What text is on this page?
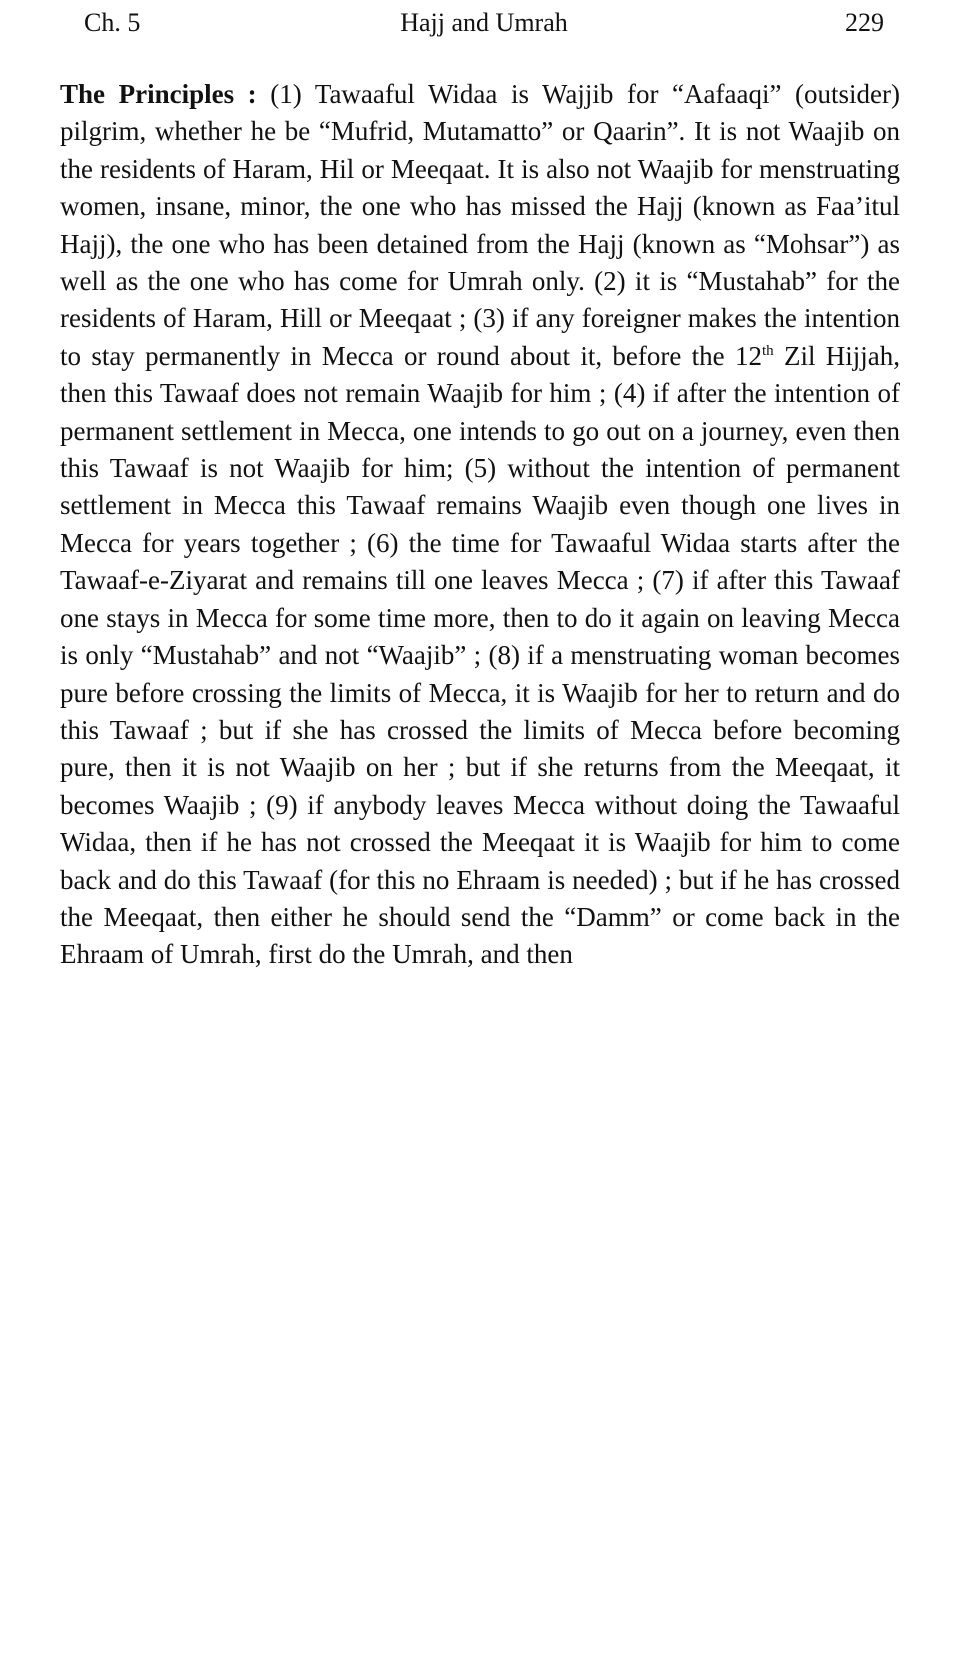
Ch. 5	Hajj and Umrah	229

The Principles : (1) Tawaaful Widaa is Wajjib for “Aafaaqi” (outsider) pilgrim, whether he be “Mufrid, Mutamatto” or Qaarin”. It is not Waajib on the residents of Haram, Hil or Meeqaat. It is also not Waajib for menstruating women, insane, minor, the one who has missed the Hajj (known as Faa’itul Hajj), the one who has been detained from the Hajj (known as “Mohsar”) as well as the one who has come for Umrah only. (2) it is “Mustahab” for the residents of Haram, Hill or Meeqaat ; (3) if any foreigner makes the intention to stay permanently in Mecca or round about it, before the 12th Zil Hijjah, then this Tawaaf does not remain Waajib for him ; (4) if after the intention of permanent settlement in Mecca, one intends to go out on a journey, even then this Tawaaf is not Waajib for him; (5) without the intention of permanent settlement in Mecca this Tawaaf remains Waajib even though one lives in Mecca for years together ; (6) the time for Tawaaful Widaa starts after the Tawaaf-e-Ziyarat and remains till one leaves Mecca ; (7) if after this Tawaaf one stays in Mecca for some time more, then to do it again on leaving Mecca is only “Mustahab” and not “Waajib” ; (8) if a menstruating woman becomes pure before crossing the limits of Mecca, it is Waajib for her to return and do this Tawaaf ; but if she has crossed the limits of Mecca before becoming pure, then it is not Waajib on her ; but if she returns from the Meeqaat, it becomes Waajib ; (9) if anybody leaves Mecca without doing the Tawaaful Widaa, then if he has not crossed the Meeqaat it is Waajib for him to come back and do this Tawaaf (for this no Ehraam is needed) ; but if he has crossed the Meeqaat, then either he should send the “Damm” or come back in the Ehraam of Umrah, first do the Umrah, and then
